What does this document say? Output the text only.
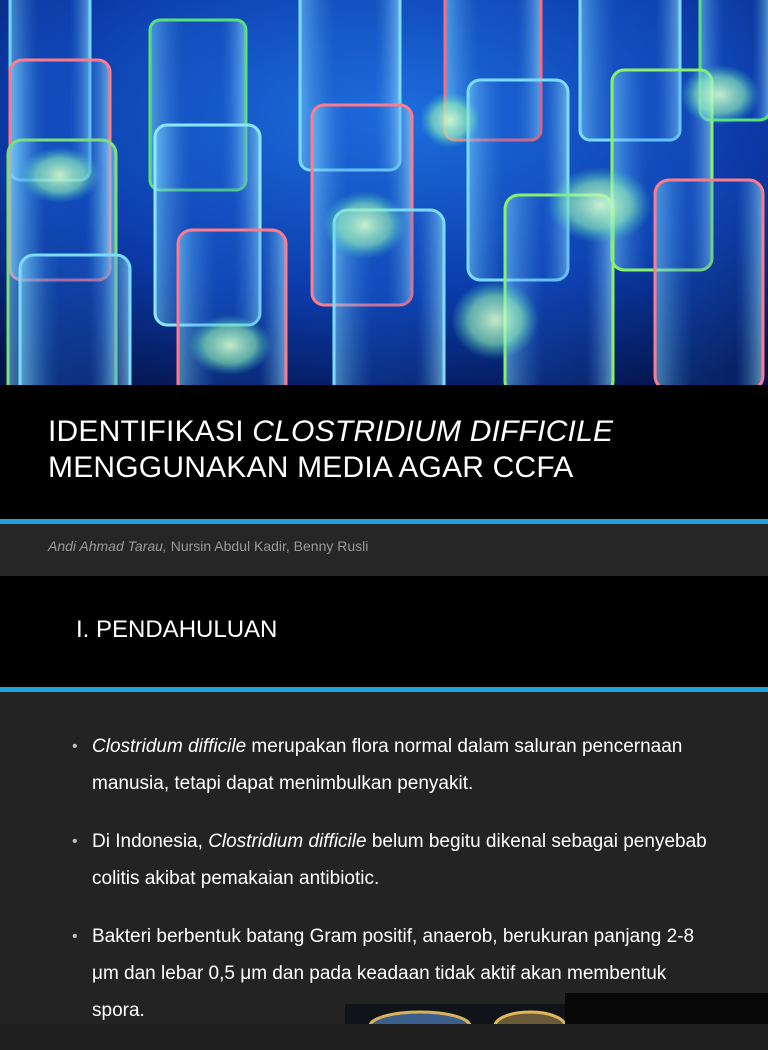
IDENTIFIKASI CLOSTRIDIUM DIFFICILE
MENGGUNAKAN MEDIA AGAR CCFA
Andi Ahmad Tarau, Nursin Abdul Kadir, Benny Rusli
I. PENDAHULUAN
• Clostridum difficile merupakan flora normal dalam saluran pencernaan manusia, tetapi dapat menimbulkan penyakit.
• Di Indonesia, Clostridium difficile belum begitu dikenal sebagai penyebab colitis akibat pemakaian antibiotic.
• Bakteri berbentuk batang Gram positif, anaerob, berukuran panjang 2-8 μm dan lebar 0,5 μm dan pada keadaan tidak aktif akan membentuk spora.
